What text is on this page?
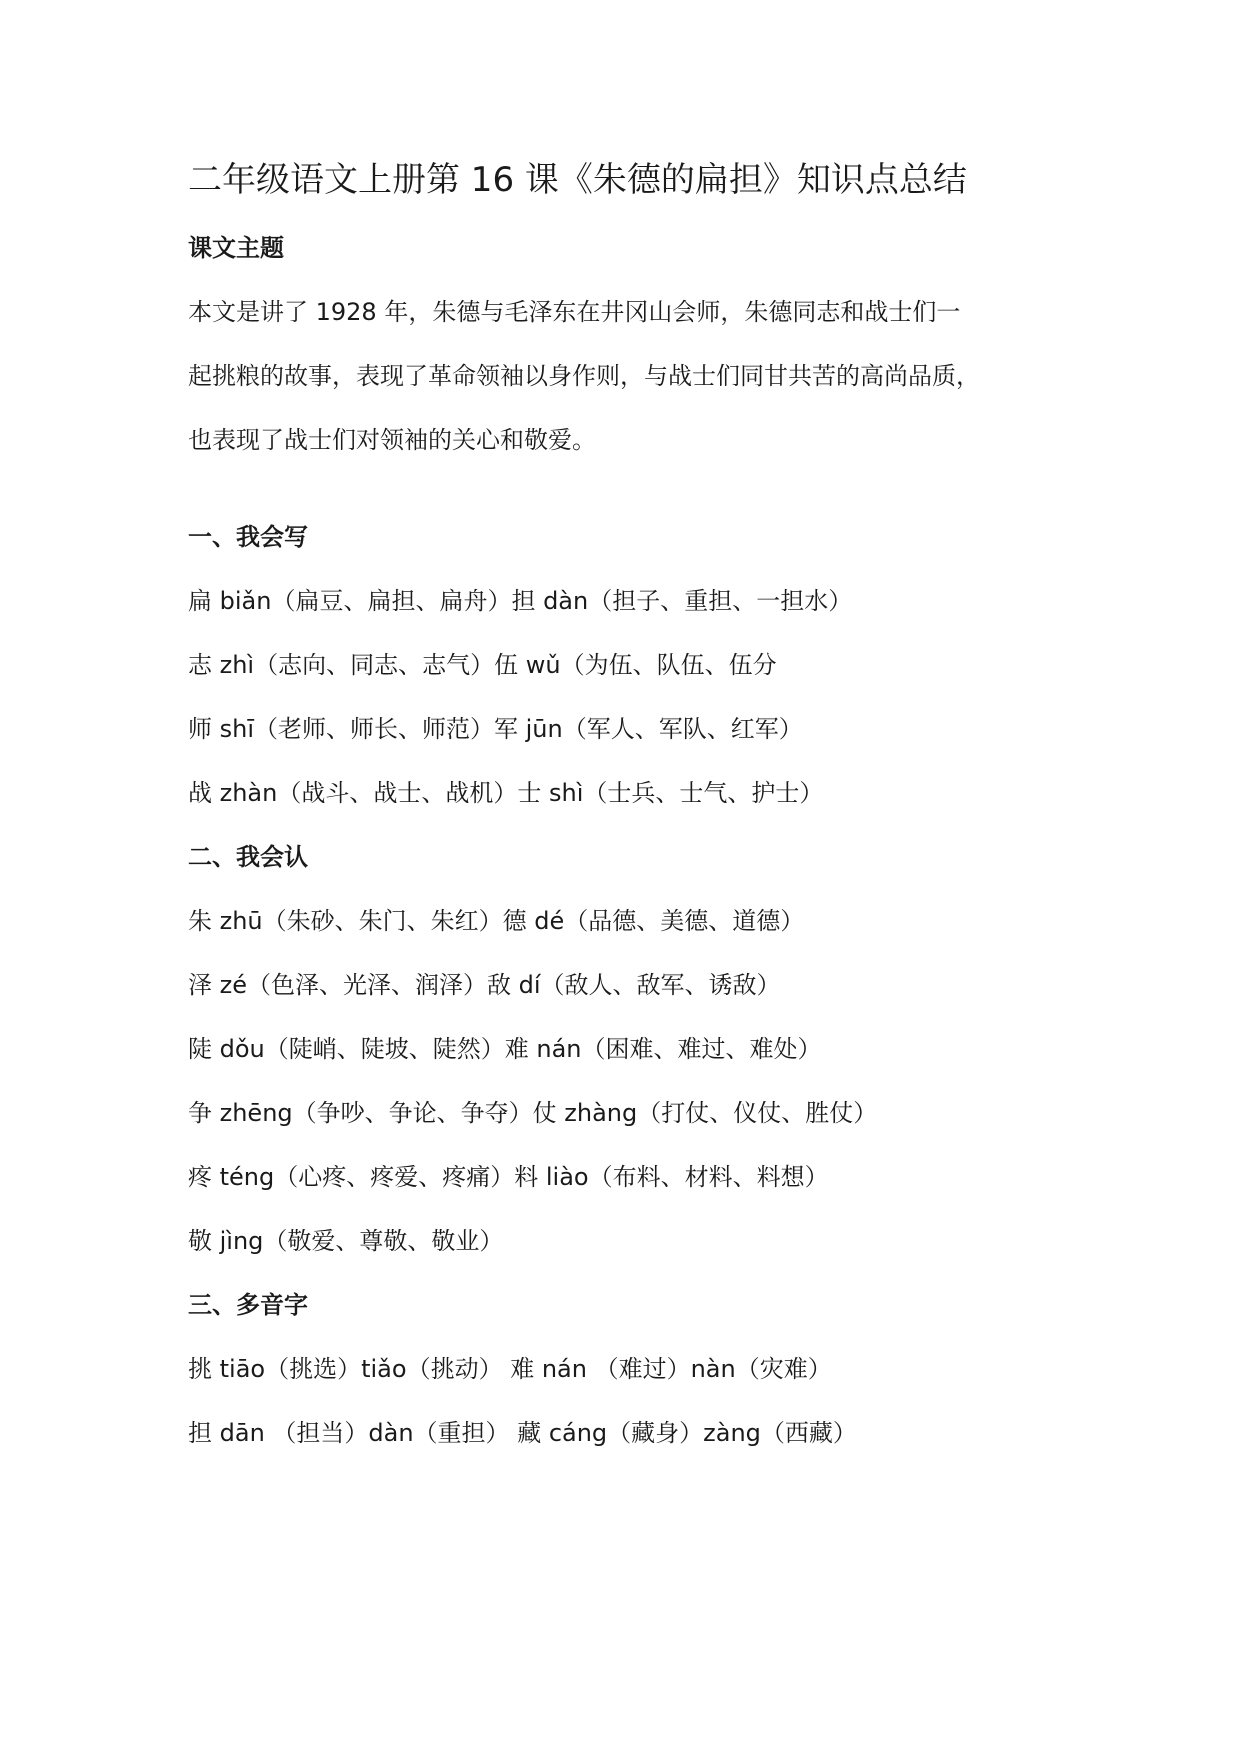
二年级语文上册第 16 课《朱德的扁担》知识点总结
课文主题
本文是讲了 1928 年，朱德与毛泽东在井冈山会师，朱德同志和战士们一
起挑粮的故事，表现了革命领袖以身作则，与战士们同甘共苦的高尚品质，
也表现了战士们对领袖的关心和敬爱。
一、我会写
扁 biǎn（扁豆、扁担、扁舟）担 dàn（担子、重担、一担水）
志 zhì（志向、同志、志气）伍 wǔ（为伍、队伍、伍分
师 shī（老师、师长、师范）军 jūn（军人、军队、红军）
战 zhàn（战斗、战士、战机）士 shì（士兵、士气、护士）
二、我会认
朱 zhū（朱砂、朱门、朱红）德 dé（品德、美德、道德）
泽 zé（色泽、光泽、润泽）敌 dí（敌人、敌军、诱敌）
陡 dǒu（陡峭、陡坡、陡然）难 nán（困难、难过、难处）
争 zhēng（争吵、争论、争夺）仗 zhàng（打仗、仪仗、胜仗）
疼 téng（心疼、疼爱、疼痛）料 liào（布料、材料、料想）
敬 jìng（敬爱、尊敬、敬业）
三、多音字
挑 tiāo（挑选）tiǎo（挑动） 难 nán （难过）nàn（灾难）
担 dān （担当）dàn（重担） 藏 cáng（藏身）zàng（西藏）
